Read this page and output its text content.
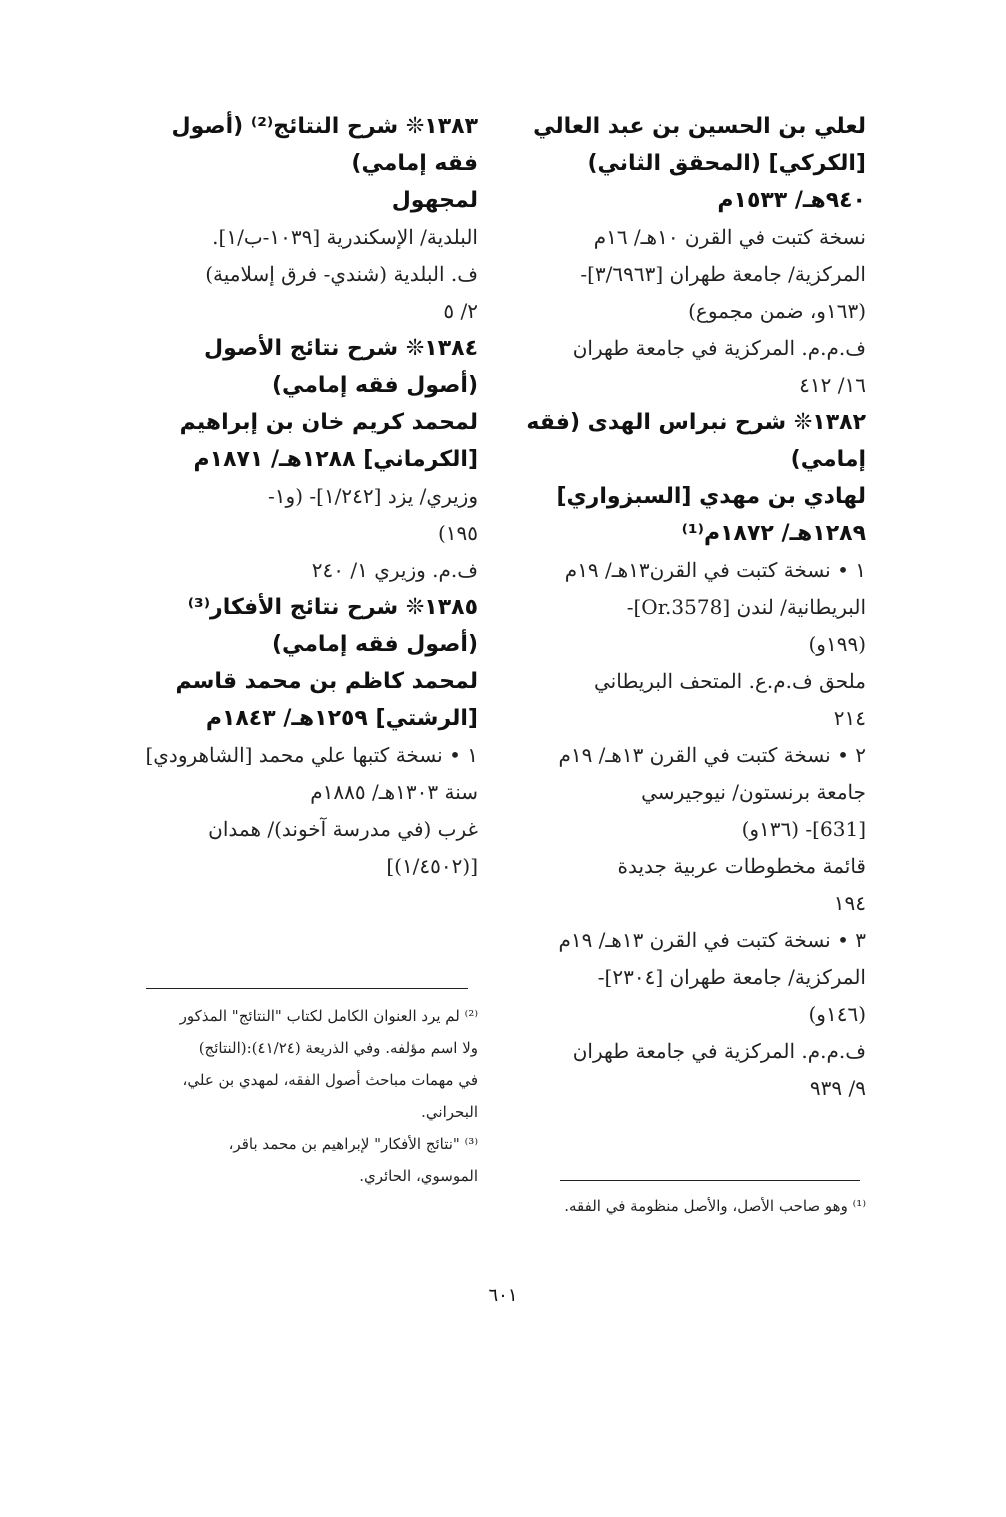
لعلي بن الحسين بن عبد العالي
[الكركي] (المحقق الثاني)
٩٤٠هـ/ ١٥٣٣م
نسخة كتبت في القرن ١٠هـ/ ١٦م
المركزية/ جامعة طهران [٣/٦٩٦٣]-
(١٦٣و، ضمن مجموع)
ف.م.م. المركزية في جامعة طهران
١٦/ ٤١٢
١٣٨٢❊ شرح نبراس الهدى (فقه
إمامي)
لهادي بن مهدي [السبزواري]
١٢٨٩هـ/ ١٨٧٢م⁽¹⁾
١ • نسخة كتبت في القرن١٣هـ/ ١٩م
البريطانية/ لندن [Or.3578]-
(١٩٩و)
ملحق ف.م.ع. المتحف البريطاني
٢١٤
٢ • نسخة كتبت في القرن ١٣هـ/ ١٩م
جامعة برنستون/ نيوجيرسي
[631]- (١٣٦و)
قائمة مخطوطات عربية جديدة
١٩٤
٣ • نسخة كتبت في القرن ١٣هـ/ ١٩م
المركزية/ جامعة طهران [٢٣٠٤]-
(١٤٦و)
ف.م.م. المركزية في جامعة طهران
٩/ ٩٣٩
١٣٨٣❊ شرح النتائج⁽²⁾ (أصول
فقه إمامي)
لمجهول
البلدية/ الإسكندرية [١٠٣٩-ب/١].
ف. البلدية (شندي- فرق إسلامية)
٢/ ٥
١٣٨٤❊ شرح نتائج الأصول
(أصول فقه إمامي)
لمحمد كريم خان بن إبراهيم
[الكرماني] ١٢٨٨هـ/ ١٨٧١م
وزيري/ يزد [١/٢٤٢]- (و١-
١٩٥)
ف.م. وزيري ١/ ٢٤٠
١٣٨٥❊ شرح نتائج الأفكار⁽³⁾
(أصول فقه إمامي)
لمحمد كاظم بن محمد قاسم
[الرشتي] ١٢٥٩هـ/ ١٨٤٣م
١ • نسخة كتبها علي محمد [الشاهرودي]
سنة ١٣٠٣هـ/ ١٨٨٥م
غرب (في مدرسة آخوند)/ همدان
[(١/٤٥٠٢)]
⁽²⁾ لم يرد العنوان الكامل لكتاب "النتائج" المذكور
ولا اسم مؤلفه. وفي الذريعة (٤١/٢٤):(النتائج)
في مهمات مباحث أصول الفقه، لمهدي بن علي،
البحراني.
⁽³⁾ "نتائج الأفكار" لإبراهيم بن محمد باقر،
الموسوي، الحائري.
⁽¹⁾ وهو صاحب الأصل، والأصل منظومة في الفقه.
٦٠١
